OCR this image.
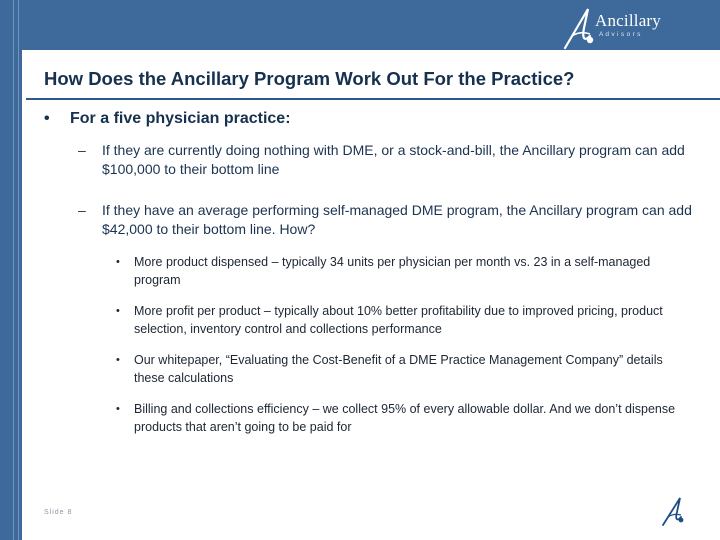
Ancillary
A d v i s o r s
How Does the Ancillary Program Work Out For the Practice?
• For a five physician practice:
– If they are currently doing nothing with DME, or a stock-and-bill, the Ancillary program can add $100,000 to their bottom line
– If they have an average performing self-managed DME program, the Ancillary program can add $42,000 to their bottom line. How?
• More product dispensed – typically 34 units per physician per month vs. 23 in a self-managed program
• More profit per product – typically about 10% better profitability due to improved pricing, product selection, inventory control and collections performance
• Our whitepaper, “Evaluating the Cost-Benefit of a DME Practice Management Company” details these calculations
• Billing and collections efficiency – we collect 95% of every allowable dollar. And we don’t dispense products that aren’t going to be paid for
Slide 8
